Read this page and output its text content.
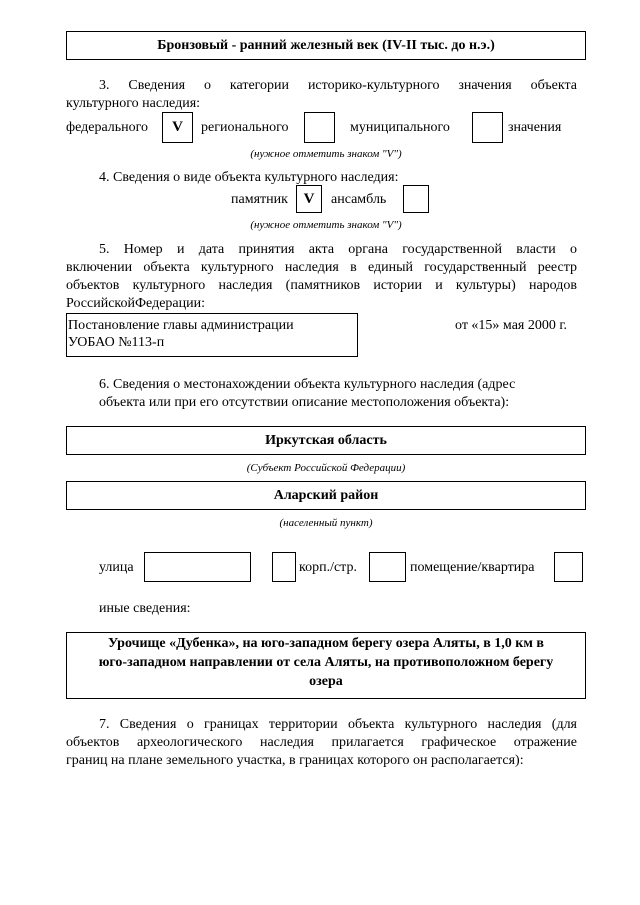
Бронзовый - ранний железный век (IV-II тыс. до н.э.)
3. Сведения о категории историко-культурного значения объекта
культурного наследия:
федерального V регионального	муниципального	значения
(нужное отметить знаком "V")
4. Сведения о виде объекта культурного наследия:
памятник V ансамбль
(нужное отметить знаком "V")
5. Номер и дата принятия акта органа государственной власти о
включении объекта культурного наследия в единый государственный реестр
объектов культурного наследия (памятников истории и культуры) народов
РоссийскойФедерации:
Постановление главы администрации
УОБАО №113-п
от «15» мая 2000 г.
6. Сведения о местонахождении объекта культурного наследия (адрес
объекта или при его отсутствии описание местоположения объекта):
Иркутская область
(Субъект Российской Федерации)
Аларский район
(населенный пункт)
улица	корп./стр.	помещение/квартира
иные сведения:
Урочище «Дубенка», на юго-западном берегу озера Аляты, в 1,0 км в
юго-западном направлении от села Аляты, на противоположном берегу
озера
7. Сведения о границах территории объекта культурного наследия (для
объектов археологического наследия прилагается графическое отражение
границ на плане земельного участка, в границах которого он располагается):
